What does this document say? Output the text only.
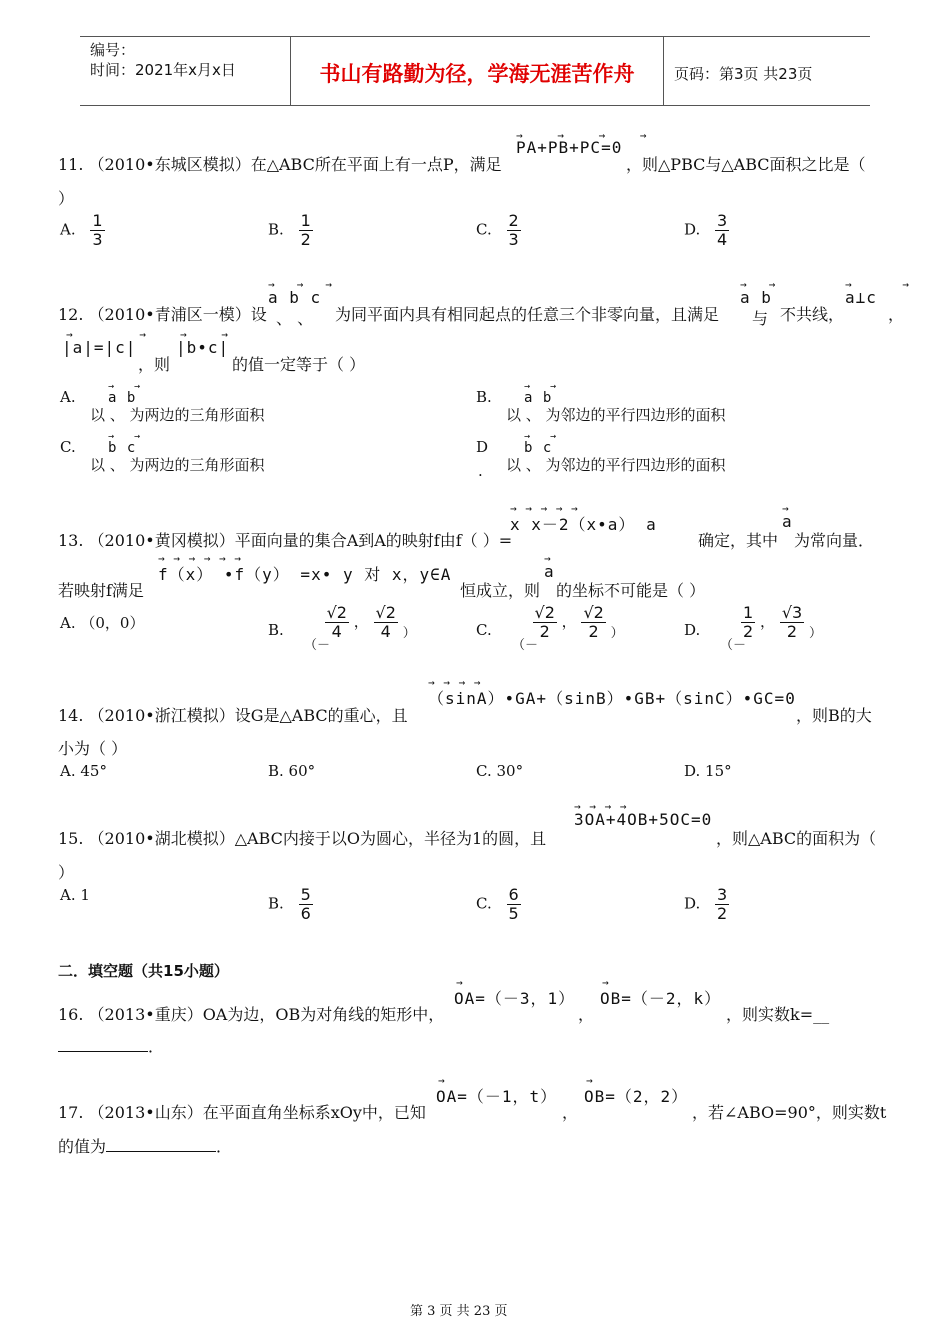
编号：
时间：2021年x月x日	书山有路勤为径，学海无涯苦作舟	页码：第3页 共23页
→ → → →
PA+PB+PC=0
11. （2010•东城区模拟）在△ABC所在平面上有一点P，满足	，则△PBC与△ABC面积之比是（
）
A. $\frac{1}{3}$	B. $\frac{1}{2}$	C. $\frac{2}{3}$	D. $\frac{3}{4}$
12. （2010•青浦区一模）设
→→→
a b c
、 、 为同平面内具有相同起点的任意三个非零向量，且满足
→→
a b
与 不共线，
→ →
a⊥c
，
→ →
|a|=|c|
，则
→ →
|b•c|
的值一定等于（ ）
A.
→→
a b
以 、 为两边的三角形面积
B.
→→
a b
以 、 为邻边的平行四边形的面积
C.
→→
b c
以 、 为两边的三角形面积
D
.
→→
b c
以 、 为邻边的平行四边形的面积
13. （2010•黄冈模拟）平面向量的集合A到A的映射f由f（ ）=
→ → → → →
x x－2（x•a） a
确定，其中
→
a
为常向量．
若映射f满足
→ → → → → →
f（x） •f（y） =x• y 对 x，y∈A
恒成立，则
→
a
的坐标不可能是（ ）
A. （0，0）	B.
（－
$\frac{√2}{4}$ ， $\frac{√2}{4}$ ）	C.
（－
$\frac{√2}{2}$ ， $\frac{√2}{2}$ ）	D.
（－
$\frac{1}{2}$ ， $\frac{√3}{2}$ ）
14. （2010•浙江模拟）设G是△ABC的重心，且
→ → → →
（sinA）•GA+（sinB）•GB+（sinC）•GC=0
，则B的大
小为（ ）
A. 45°	B. 60°	C. 30°	D. 15°
15. （2010•湖北模拟）△ABC内接于以O为圆心，半径为1的圆，且
→ → → →
3OA+4OB+5OC=0
，则△ABC的面积为（
）
A. 1	B. $\frac{5}{6}$	C. $\frac{6}{5}$	D. $\frac{3}{2}$
二．填空题（共15小题）
16. （2013•重庆）OA为边，OB为对角线的矩形中，
→
OA=（－3，1）
，
→
OB=（－2，k）
，则实数k=__
．
17. （2013•山东）在平面直角坐标系xOy中，已知
→
OA=（－1，t）
，
→
OB=（2，2）
，若∠ABO=90°，则实数t
的值为	．
第 3 页 共 23 页
